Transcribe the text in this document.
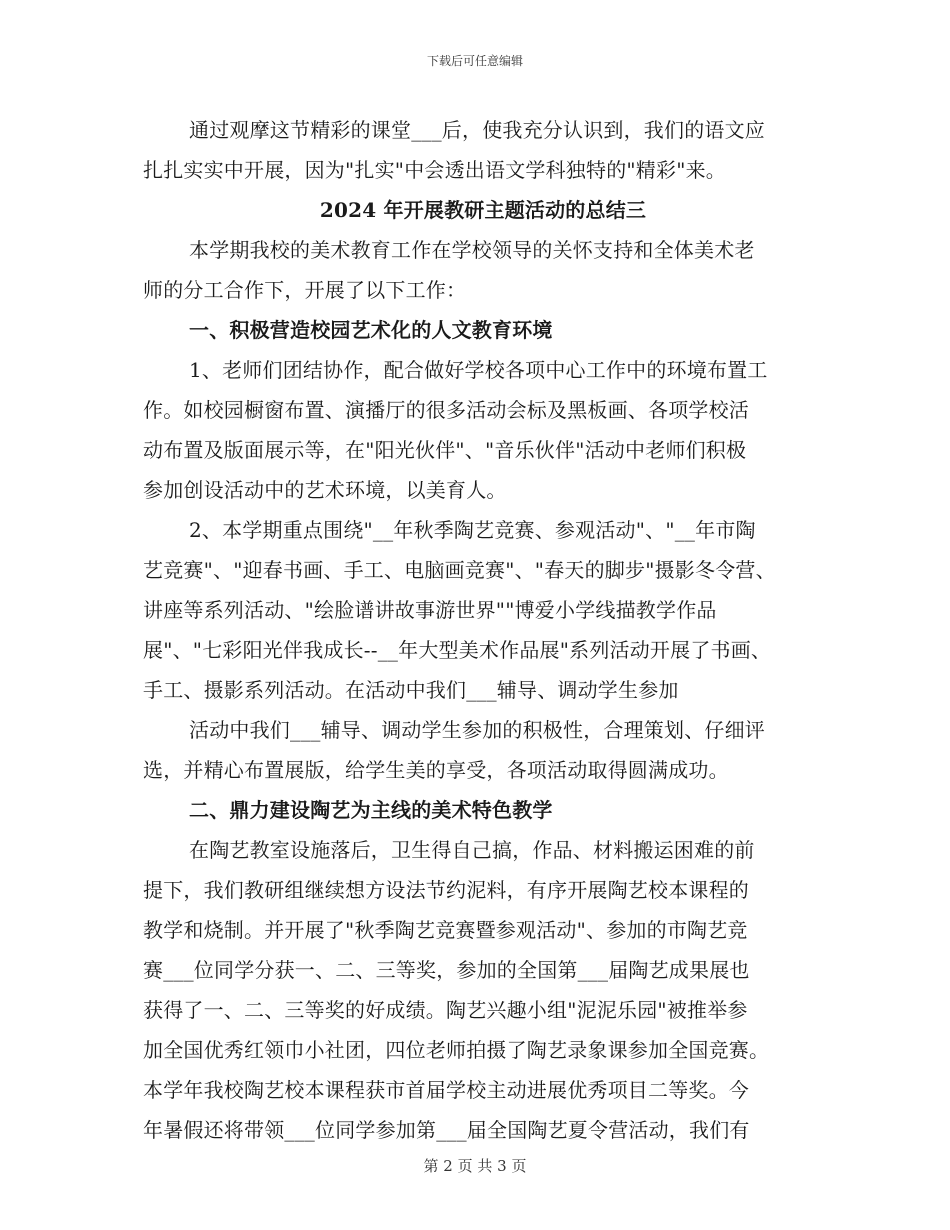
下载后可任意编辑
通过观摩这节精彩的课堂___后，使我充分认识到，我们的语文应
扎扎实实中开展，因为"扎实"中会透出语文学科独特的"精彩"来。
2024 年开展教研主题活动的总结三
本学期我校的美术教育工作在学校领导的关怀支持和全体美术老
师的分工合作下，开展了以下工作：
一、积极营造校园艺术化的人文教育环境
1、老师们团结协作，配合做好学校各项中心工作中的环境布置工
作。如校园橱窗布置、演播厅的很多活动会标及黑板画、各项学校活
动布置及版面展示等，在"阳光伙伴"、"音乐伙伴"活动中老师们积极
参加创设活动中的艺术环境，以美育人。
2、本学期重点围绕"__年秋季陶艺竞赛、参观活动"、"__年市陶
艺竞赛"、"迎春书画、手工、电脑画竞赛"、"春天的脚步"摄影冬令营、
讲座等系列活动、"绘脸谱讲故事游世界""博爱小学线描教学作品
展"、"七彩阳光伴我成长--__年大型美术作品展"系列活动开展了书画、
手工、摄影系列活动。在活动中我们___辅导、调动学生参加
活动中我们___辅导、调动学生参加的积极性，合理策划、仔细评
选，并精心布置展版，给学生美的享受，各项活动取得圆满成功。
二、鼎力建设陶艺为主线的美术特色教学
在陶艺教室设施落后，卫生得自己搞，作品、材料搬运困难的前
提下，我们教研组继续想方设法节约泥料，有序开展陶艺校本课程的
教学和烧制。并开展了"秋季陶艺竞赛暨参观活动"、参加的市陶艺竞
赛___位同学分获一、二、三等奖，参加的全国第___届陶艺成果展也
获得了一、二、三等奖的好成绩。陶艺兴趣小组"泥泥乐园"被推举参
加全国优秀红领巾小社团，四位老师拍摄了陶艺录象课参加全国竞赛。
本学年我校陶艺校本课程获市首届学校主动进展优秀项目二等奖。今
年暑假还将带领___位同学参加第___届全国陶艺夏令营活动，我们有
第 2 页 共 3 页
